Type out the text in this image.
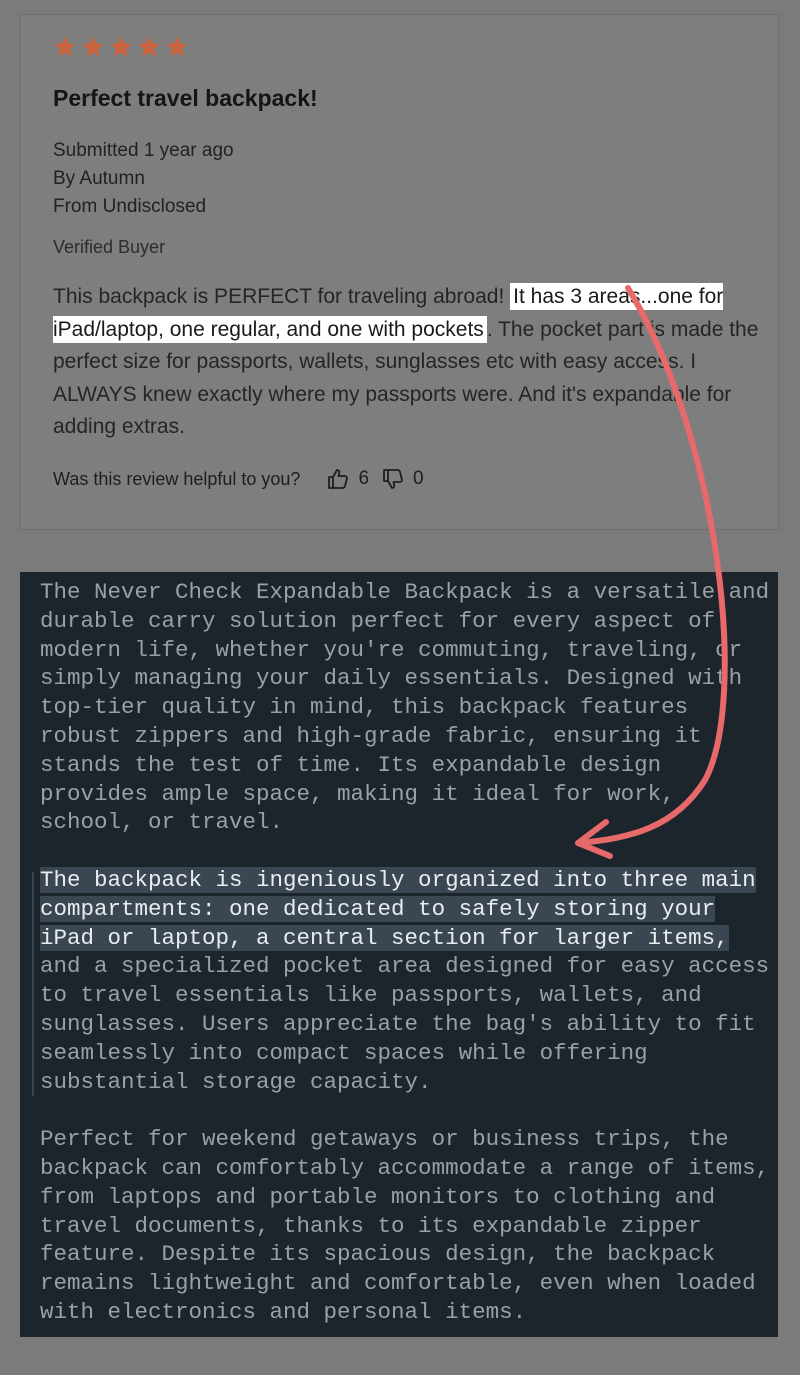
Perfect travel backpack!
Submitted 1 year ago
By Autumn
From Undisclosed
Verified Buyer
This backpack is PERFECT for traveling abroad! It has 3 areas...one for iPad/laptop, one regular, and one with pockets . The pocket part is made the perfect size for passports, wallets, sunglasses etc with easy access. I ALWAYS knew exactly where my passports were. And it's expandable for adding extras.
Was this review helpful to you?	6 0

The Never Check Expandable Backpack is a versatile and
durable carry solution perfect for every aspect of
modern life, whether you're commuting, traveling, or
simply managing your daily essentials. Designed with
top-tier quality in mind, this backpack features
robust zippers and high-grade fabric, ensuring it
stands the test of time. Its expandable design
provides ample space, making it ideal for work,
school, or travel.
The backpack is ingeniously organized into three main
compartments: one dedicated to safely storing your
iPad or laptop, a central section for larger items,
and a specialized pocket area designed for easy access
to travel essentials like passports, wallets, and
sunglasses. Users appreciate the bag's ability to fit
seamlessly into compact spaces while offering
substantial storage capacity.
Perfect for weekend getaways or business trips, the
backpack can comfortably accommodate a range of items,
from laptops and portable monitors to clothing and
travel documents, thanks to its expandable zipper
feature. Despite its spacious design, the backpack
remains lightweight and comfortable, even when loaded
with electronics and personal items.
